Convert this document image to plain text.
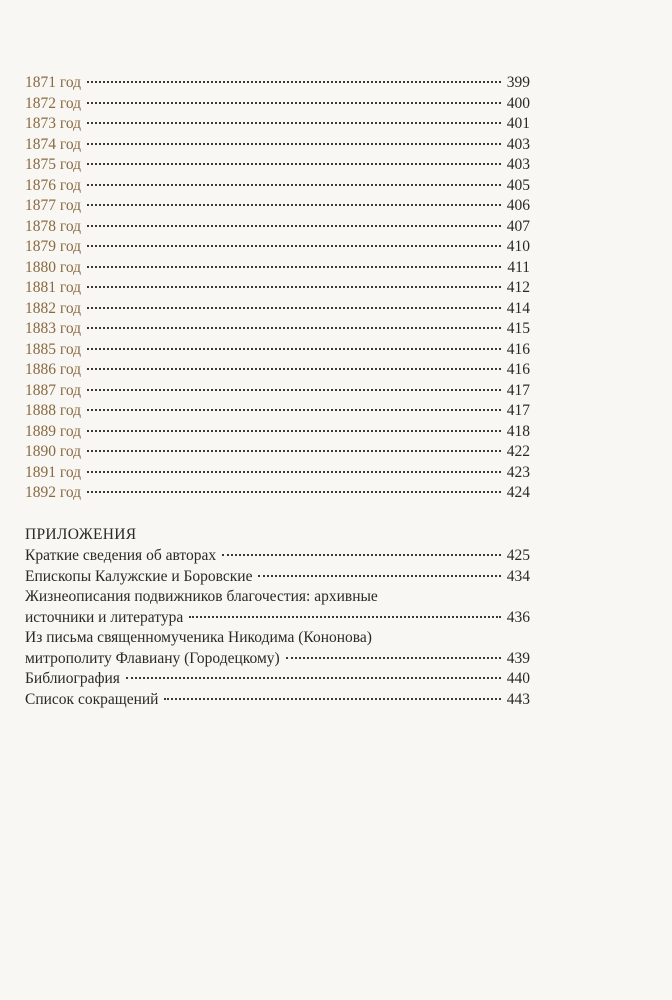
1871 год	399
1872 год	400
1873 год	401
1874 год	403
1875 год	403
1876 год	405
1877 год	406
1878 год	407
1879 год	410
1880 год	411
1881 год	412
1882 год	414
1883 год	415
1885 год	416
1886 год	416
1887 год	417
1888 год	417
1889 год	418
1890 год	422
1891 год	423
1892 год	424
ПРИЛОЖЕНИЯ
Краткие сведения об авторах	425
Епископы Калужские и Боровские	434
Жизнеописания подвижников благочестия: архивные
источники и литература	436
Из письма священномученика Никодима (Кононова)
митрополиту Флавиану (Городецкому)	439
Библиография	440
Список сокращений	443
